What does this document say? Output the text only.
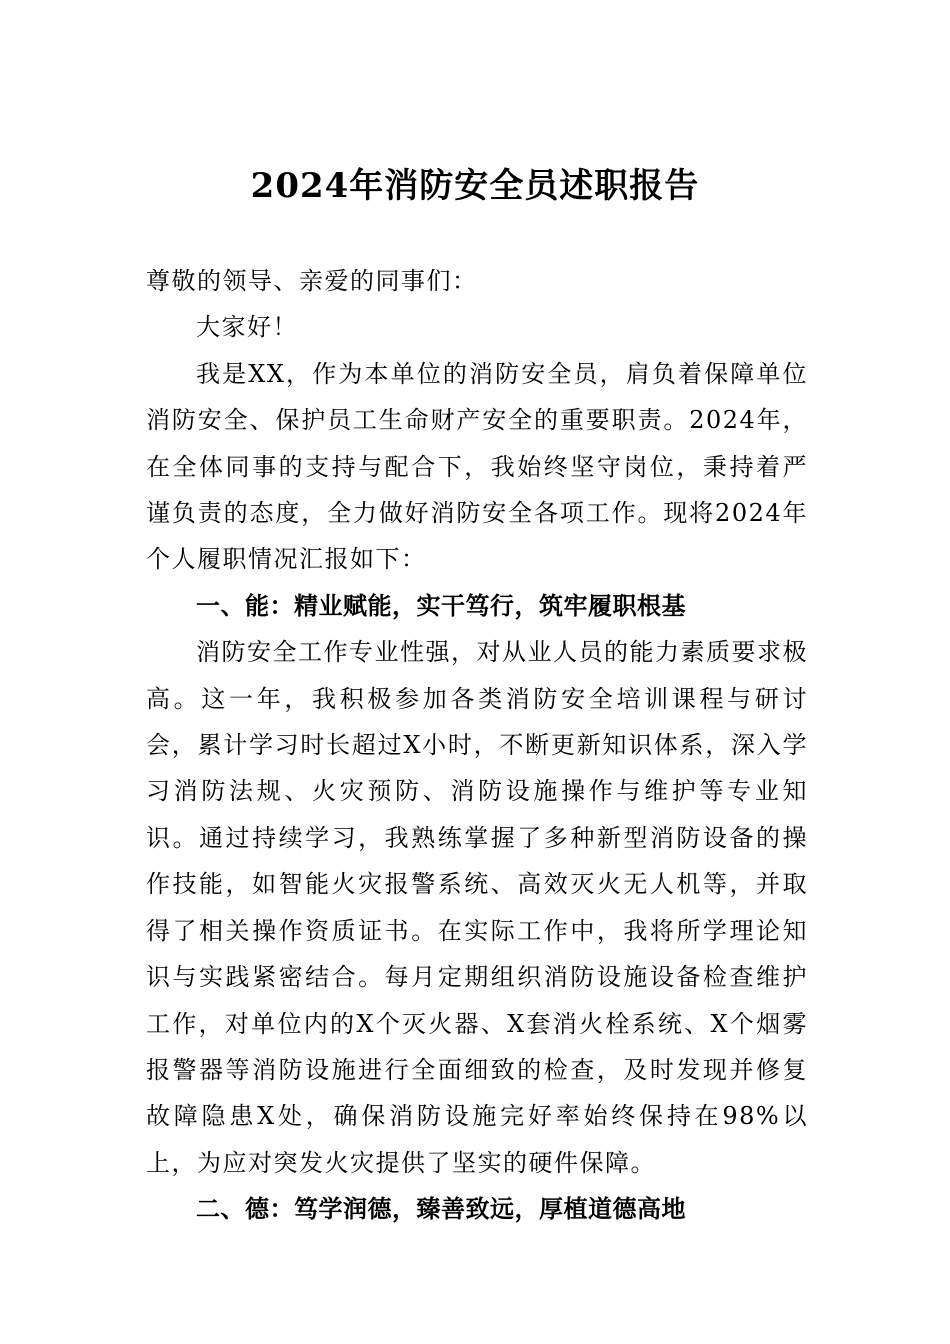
2024年消防安全员述职报告

尊敬的领导、亲爱的同事们：

大家好！

我是XX，作为本单位的消防安全员，肩负着保障单位消防安全、保护员工生命财产安全的重要职责。2024年，在全体同事的支持与配合下，我始终坚守岗位，秉持着严谨负责的态度，全力做好消防安全各项工作。现将2024年个人履职情况汇报如下：

一、能：精业赋能，实干笃行，筑牢履职根基

消防安全工作专业性强，对从业人员的能力素质要求极高。这一年，我积极参加各类消防安全培训课程与研讨会，累计学习时长超过X小时，不断更新知识体系，深入学习消防法规、火灾预防、消防设施操作与维护等专业知识。通过持续学习，我熟练掌握了多种新型消防设备的操作技能，如智能火灾报警系统、高效灭火无人机等，并取得了相关操作资质证书。在实际工作中，我将所学理论知识与实践紧密结合。每月定期组织消防设施设备检查维护工作，对单位内的X个灭火器、X套消火栓系统、X个烟雾报警器等消防设施进行全面细致的检查，及时发现并修复故障隐患X处，确保消防设施完好率始终保持在98%以上，为应对突发火灾提供了坚实的硬件保障。

二、德：笃学润德，臻善致远，厚植道德高地
